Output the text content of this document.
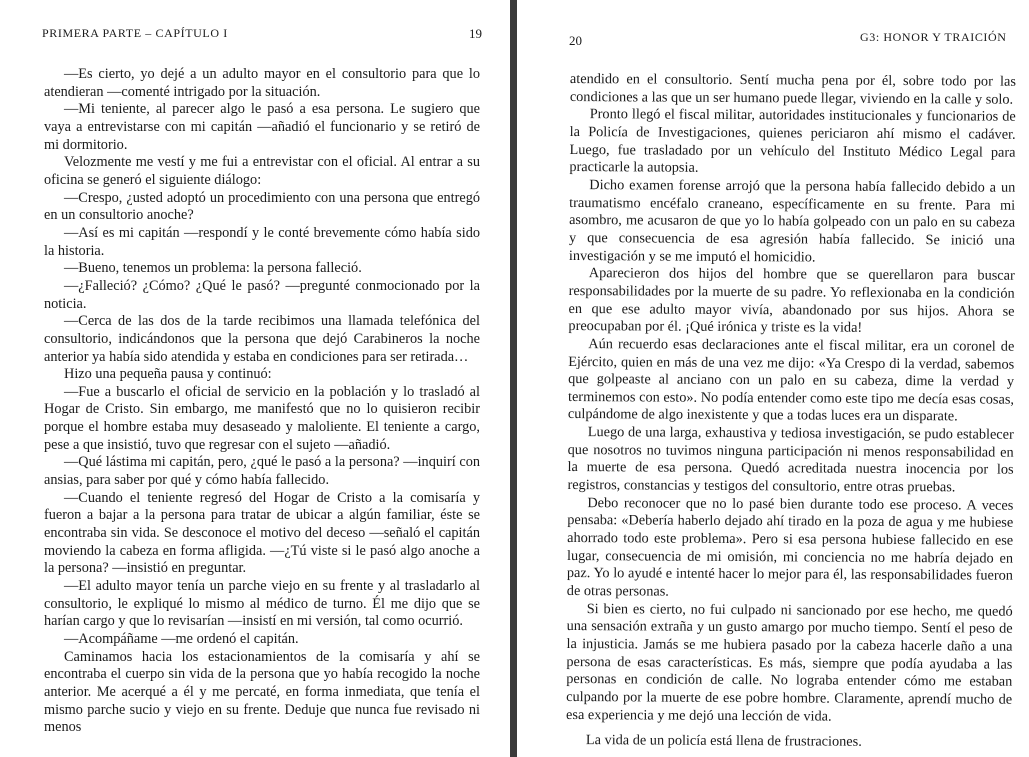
PRIMERA PARTE – CAPÍTULO I	19

—Es cierto, yo dejé a un adulto mayor en el consultorio para que lo atendieran —comenté intrigado por la situación.

—Mi teniente, al parecer algo le pasó a esa persona. Le sugiero que vaya a entrevistarse con mi capitán —añadió el funcionario y se retiró de mi dormitorio.

Velozmente me vestí y me fui a entrevistar con el oficial. Al entrar a su oficina se generó el siguiente diálogo:

—Crespo, ¿usted adoptó un procedimiento con una persona que entregó en un consultorio anoche?

—Así es mi capitán —respondí y le conté brevemente cómo había sido la historia.

—Bueno, tenemos un problema: la persona falleció.

—¿Falleció? ¿Cómo? ¿Qué le pasó? —pregunté conmocionado por la noticia.

—Cerca de las dos de la tarde recibimos una llamada telefónica del consultorio, indicándonos que la persona que dejó Carabineros la noche anterior ya había sido atendida y estaba en condiciones para ser retirada…

Hizo una pequeña pausa y continuó:

—Fue a buscarlo el oficial de servicio en la población y lo trasladó al Hogar de Cristo. Sin embargo, me manifestó que no lo quisieron recibir porque el hombre estaba muy desaseado y maloliente. El teniente a cargo, pese a que insistió, tuvo que regresar con el sujeto —añadió.

—Qué lástima mi capitán, pero, ¿qué le pasó a la persona? —inquirí con ansias, para saber por qué y cómo había fallecido.

—Cuando el teniente regresó del Hogar de Cristo a la comisaría y fueron a bajar a la persona para tratar de ubicar a algún familiar, éste se encontraba sin vida. Se desconoce el motivo del deceso —señaló el capitán moviendo la cabeza en forma afligida. —¿Tú viste si le pasó algo anoche a la persona? —insistió en preguntar.

—El adulto mayor tenía un parche viejo en su frente y al trasladarlo al consultorio, le expliqué lo mismo al médico de turno. Él me dijo que se harían cargo y que lo revisarían —insistí en mi versión, tal como ocurrió.

—Acompáñame —me ordenó el capitán.

Caminamos hacia los estacionamientos de la comisaría y ahí se encontraba el cuerpo sin vida de la persona que yo había recogido la noche anterior. Me acerqué a él y me percaté, en forma inmediata, que tenía el mismo parche sucio y viejo en su frente. Deduje que nunca fue revisado ni menos

20	G3: HONOR Y TRAICIÓN

atendido en el consultorio. Sentí mucha pena por él, sobre todo por las condiciones a las que un ser humano puede llegar, viviendo en la calle y solo.

Pronto llegó el fiscal militar, autoridades institucionales y funcionarios de la Policía de Investigaciones, quienes periciaron ahí mismo el cadáver. Luego, fue trasladado por un vehículo del Instituto Médico Legal para practicarle la autopsia.

Dicho examen forense arrojó que la persona había fallecido debido a un traumatismo encéfalo craneano, específicamente en su frente. Para mi asombro, me acusaron de que yo lo había golpeado con un palo en su cabeza y que consecuencia de esa agresión había fallecido. Se inició una investigación y se me imputó el homicidio.

Aparecieron dos hijos del hombre que se querellaron para buscar responsabilidades por la muerte de su padre. Yo reflexionaba en la condición en que ese adulto mayor vivía, abandonado por sus hijos. Ahora se preocupaban por él. ¡Qué irónica y triste es la vida!

Aún recuerdo esas declaraciones ante el fiscal militar, era un coronel de Ejército, quien en más de una vez me dijo: «Ya Crespo di la verdad, sabemos que golpeaste al anciano con un palo en su cabeza, dime la verdad y terminemos con esto». No podía entender como este tipo me decía esas cosas, culpándome de algo inexistente y que a todas luces era un disparate.

Luego de una larga, exhaustiva y tediosa investigación, se pudo establecer que nosotros no tuvimos ninguna participación ni menos responsabilidad en la muerte de esa persona. Quedó acreditada nuestra inocencia por los registros, constancias y testigos del consultorio, entre otras pruebas.

Debo reconocer que no lo pasé bien durante todo ese proceso. A veces pensaba: «Debería haberlo dejado ahí tirado en la poza de agua y me hubiese ahorrado todo este problema». Pero si esa persona hubiese fallecido en ese lugar, consecuencia de mi omisión, mi conciencia no me habría dejado en paz. Yo lo ayudé e intenté hacer lo mejor para él, las responsabilidades fueron de otras personas.

Si bien es cierto, no fui culpado ni sancionado por ese hecho, me quedó una sensación extraña y un gusto amargo por mucho tiempo. Sentí el peso de la injusticia. Jamás se me hubiera pasado por la cabeza hacerle daño a una persona de esas características. Es más, siempre que podía ayudaba a las personas en condición de calle. No lograba entender cómo me estaban culpando por la muerte de ese pobre hombre. Claramente, aprendí mucho de esa experiencia y me dejó una lección de vida.

La vida de un policía está llena de frustraciones.
